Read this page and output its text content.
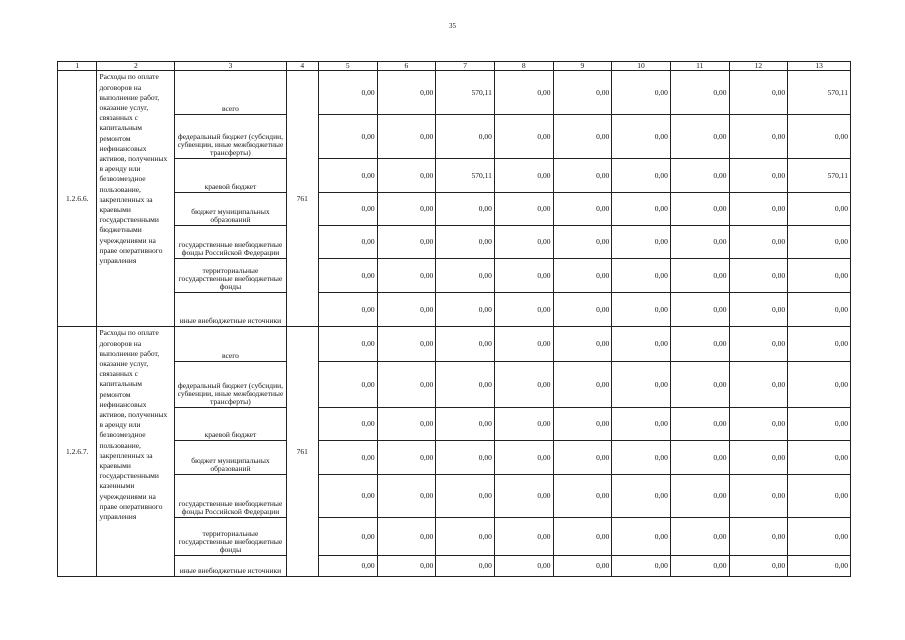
35
1	2	3	4	5	6	7	8	9	10	11	12	13
1.2.6.6.	Расходы по оплате договоров на выполнение работ, оказание услуг, связанных с капитальным ремонтом нефинансовых активов, полученных в аренду или безвозмездное пользование, закрепленных за краевыми государственными бюджетными учреждениями на праве оперативного управления	всего	761	0,00	0,00	570,11	0,00	0,00	0,00	0,00	0,00	570,11
		федеральный бюджет (субсидии, субвенции, иные межбюджетные трансферты)		0,00	0,00	0,00	0,00	0,00	0,00	0,00	0,00	0,00
		краевой бюджет		0,00	0,00	570,11	0,00	0,00	0,00	0,00	0,00	570,11
		бюджет муниципальных образований		0,00	0,00	0,00	0,00	0,00	0,00	0,00	0,00	0,00
		государственные внебюджетные фонды Российской Федерации		0,00	0,00	0,00	0,00	0,00	0,00	0,00	0,00	0,00
		территориальные государственные внебюджетные фонды		0,00	0,00	0,00	0,00	0,00	0,00	0,00	0,00	0,00
		иные внебюджетные источники		0,00	0,00	0,00	0,00	0,00	0,00	0,00	0,00	0,00
1.2.6.7.	Расходы по оплате договоров на выполнение работ, оказание услуг, связанных с капитальным ремонтом нефинансовых активов, полученных в аренду или безвозмездное пользование, закрепленных за краевыми государственными казенными учреждениями на праве оперативного управления	всего	761	0,00	0,00	0,00	0,00	0,00	0,00	0,00	0,00	0,00
		федеральный бюджет (субсидии, субвенции, иные межбюджетные трансферты)		0,00	0,00	0,00	0,00	0,00	0,00	0,00	0,00	0,00
		краевой бюджет		0,00	0,00	0,00	0,00	0,00	0,00	0,00	0,00	0,00
		бюджет муниципальных образований		0,00	0,00	0,00	0,00	0,00	0,00	0,00	0,00	0,00
		государственные внебюджетные фонды Российской Федерации		0,00	0,00	0,00	0,00	0,00	0,00	0,00	0,00	0,00
		территориальные государственные внебюджетные фонды		0,00	0,00	0,00	0,00	0,00	0,00	0,00	0,00	0,00
		иные внебюджетные источники		0,00	0,00	0,00	0,00	0,00	0,00	0,00	0,00	0,00
